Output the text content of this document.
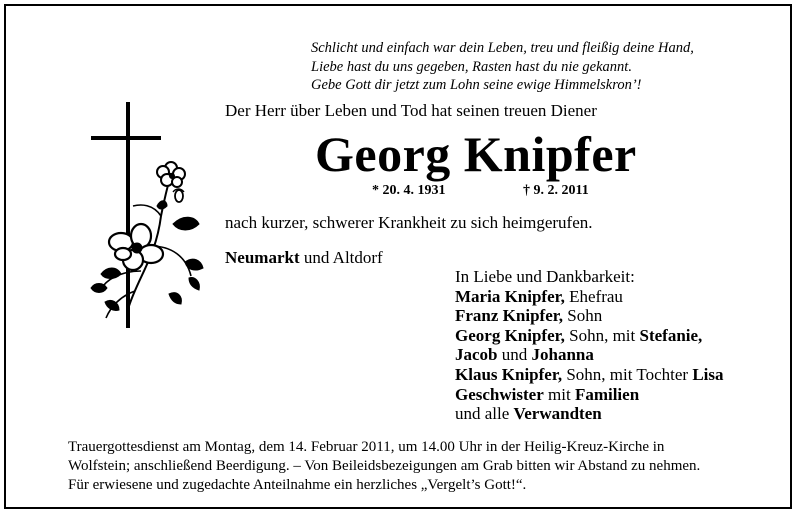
Schlicht und einfach war dein Leben, treu und fleißig deine Hand,
Liebe hast du uns gegeben, Rasten hast du nie gekannt.
Gebe Gott dir jetzt zum Lohn seine ewige Himmelskron’!
Der Herr über Leben und Tod hat seinen treuen Diener
Georg Knipfer
* 20. 4. 1931	† 9. 2. 2011
nach kurzer, schwerer Krankheit zu sich heimgerufen.
Neumarkt und Altdorf
In Liebe und Dankbarkeit:
Maria Knipfer, Ehefrau
Franz Knipfer, Sohn
Georg Knipfer, Sohn, mit Stefanie,
Jacob und Johanna
Klaus Knipfer, Sohn, mit Tochter Lisa
Geschwister mit Familien
und alle Verwandten
Trauergottesdienst am Montag, dem 14. Februar 2011, um 14.00 Uhr in der Heilig-Kreuz-Kirche in
Wolfstein; anschließend Beerdigung. – Von Beileidsbezeigungen am Grab bitten wir Abstand zu nehmen.
Für erwiesene und zugedachte Anteilnahme ein herzliches „Vergelt’s Gott!“.
